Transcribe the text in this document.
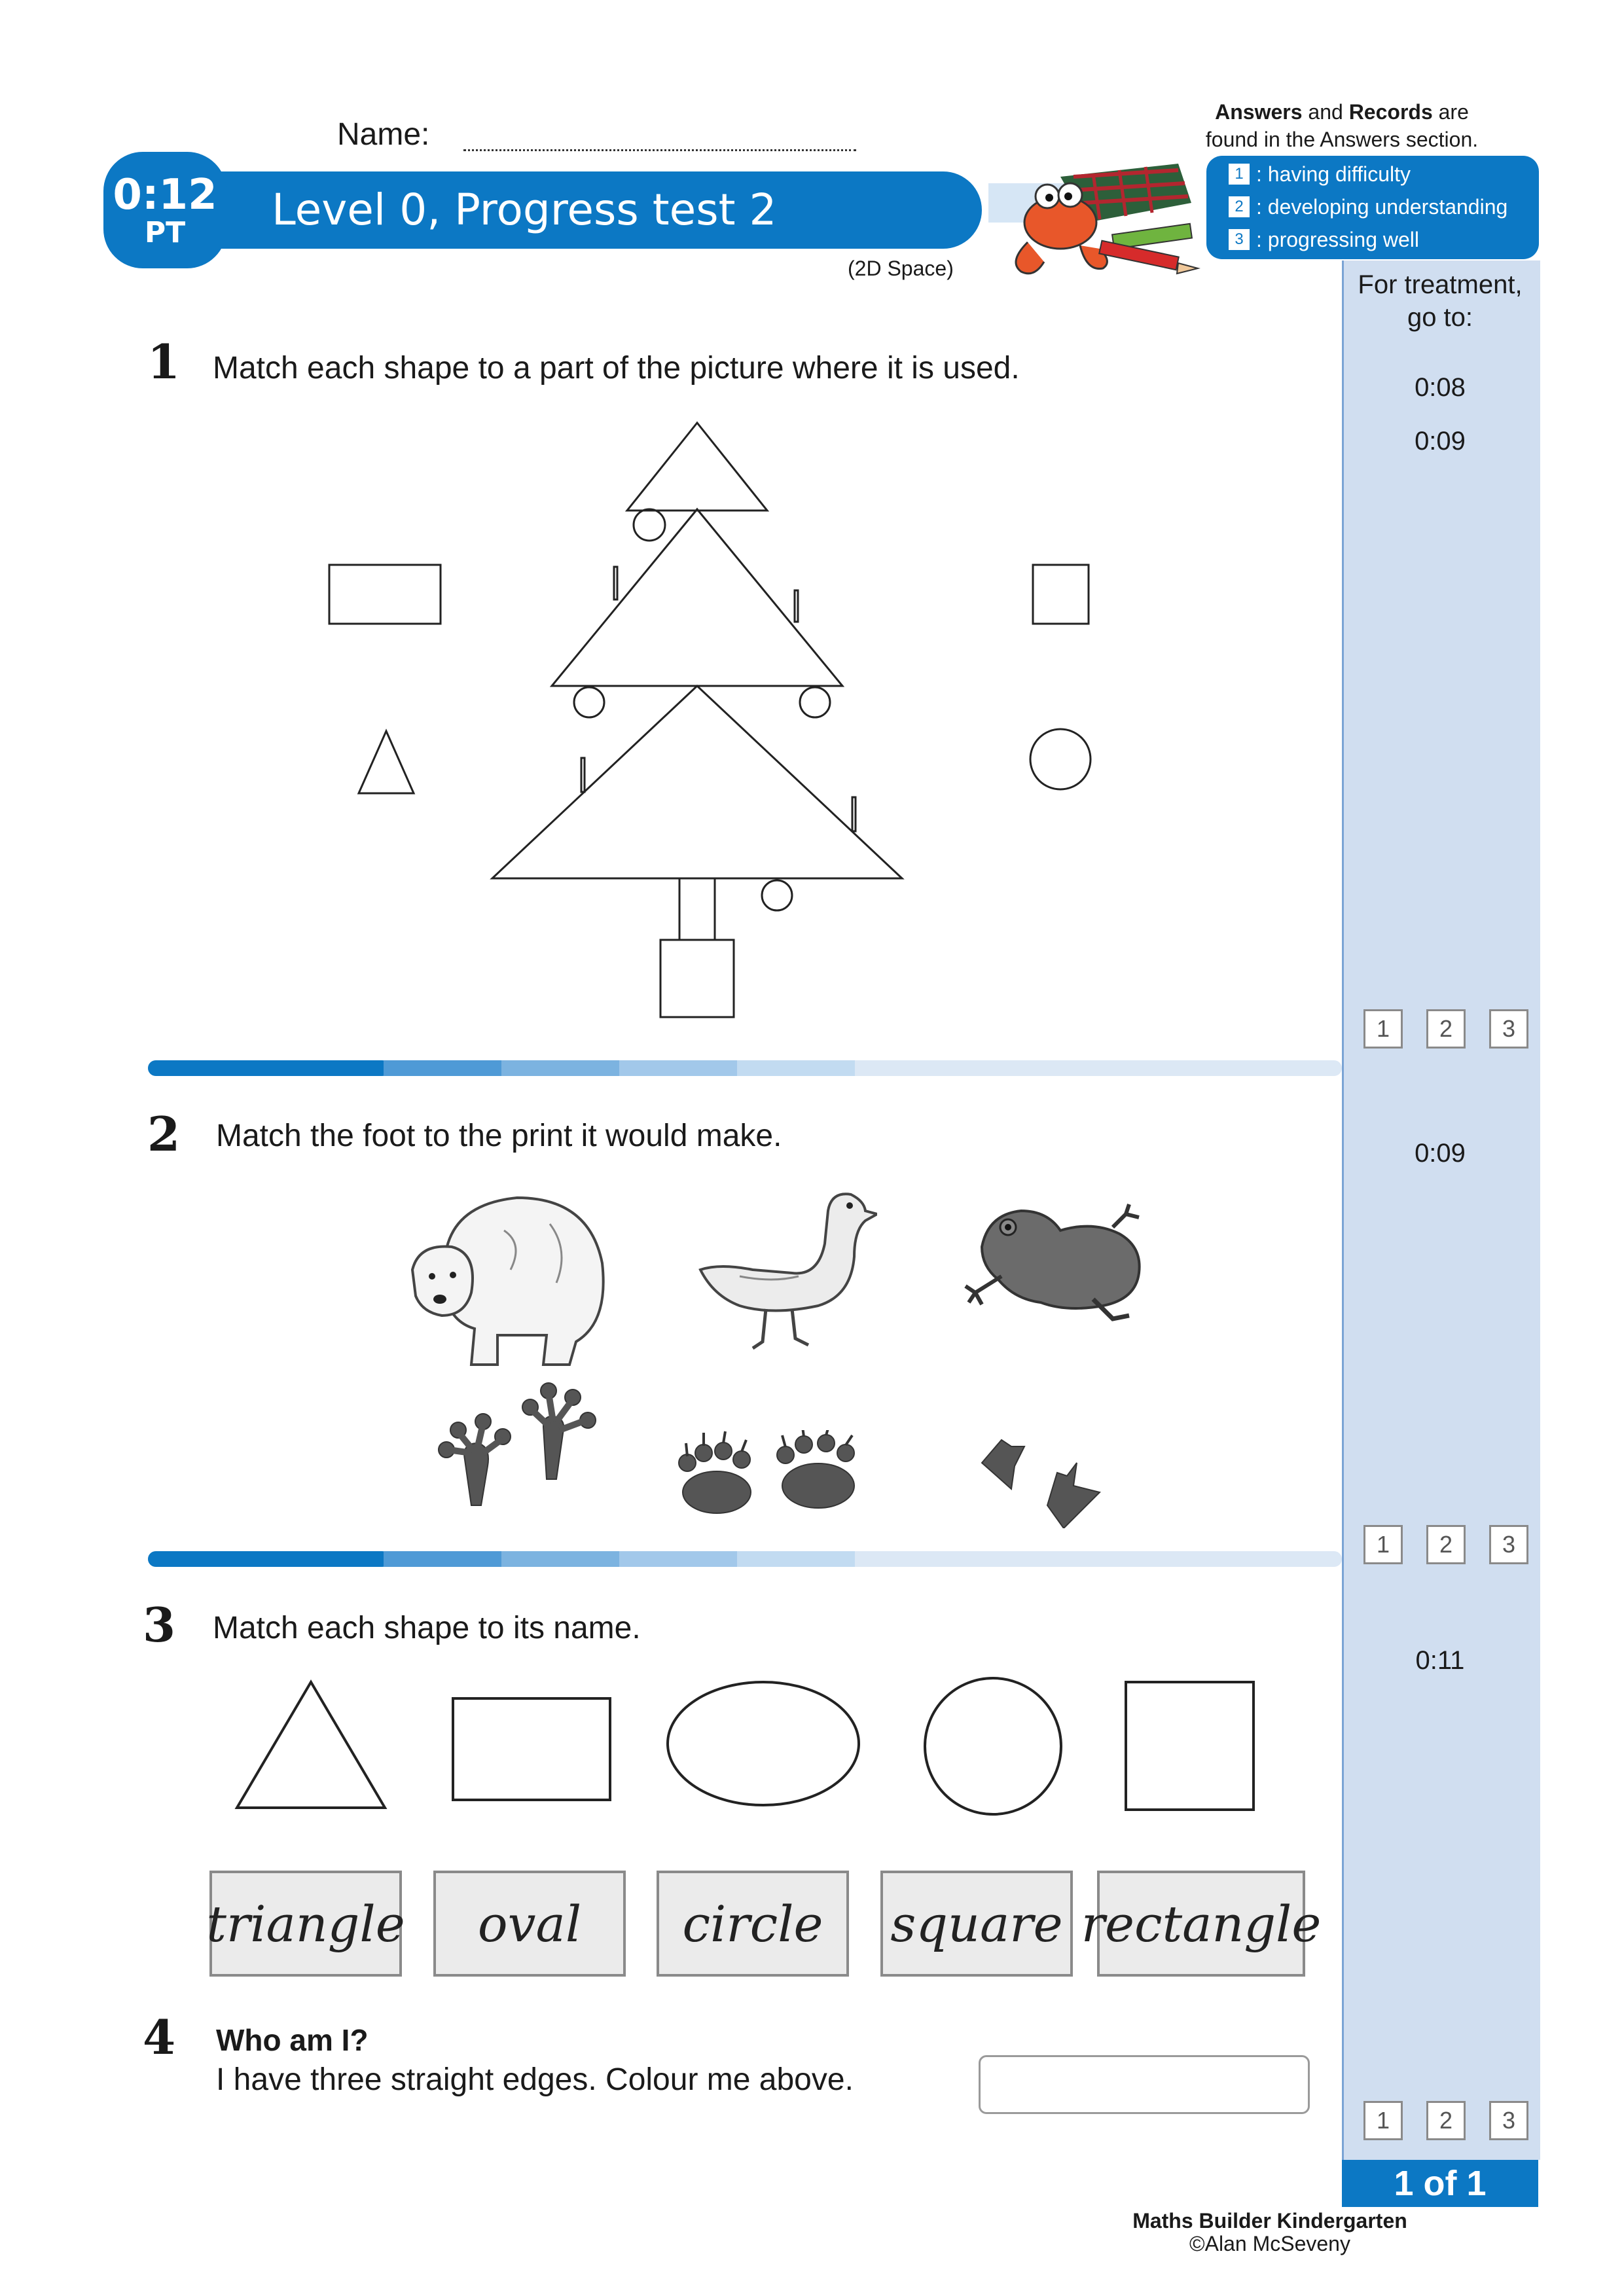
Name:
Answers and Records are
found in the Answers section.
0:12
PT	Level 0, Progress test 2
(2D Space)
1 : having difficulty
2 : developing understanding
3 : progressing well
For treatment, go to:
0:08
0:09
0:09
0:11
1	2	3
1	2	3
1	2	3
1 of 1
1 Match each shape to a part of the picture where it is used.
2 Match the foot to the print it would make.
3 Match each shape to its name.
triangle	oval	circle	square rectangle
4 Who am I?
I have three straight edges. Colour me above.
Maths Builder Kindergarten
©Alan McSeveny
